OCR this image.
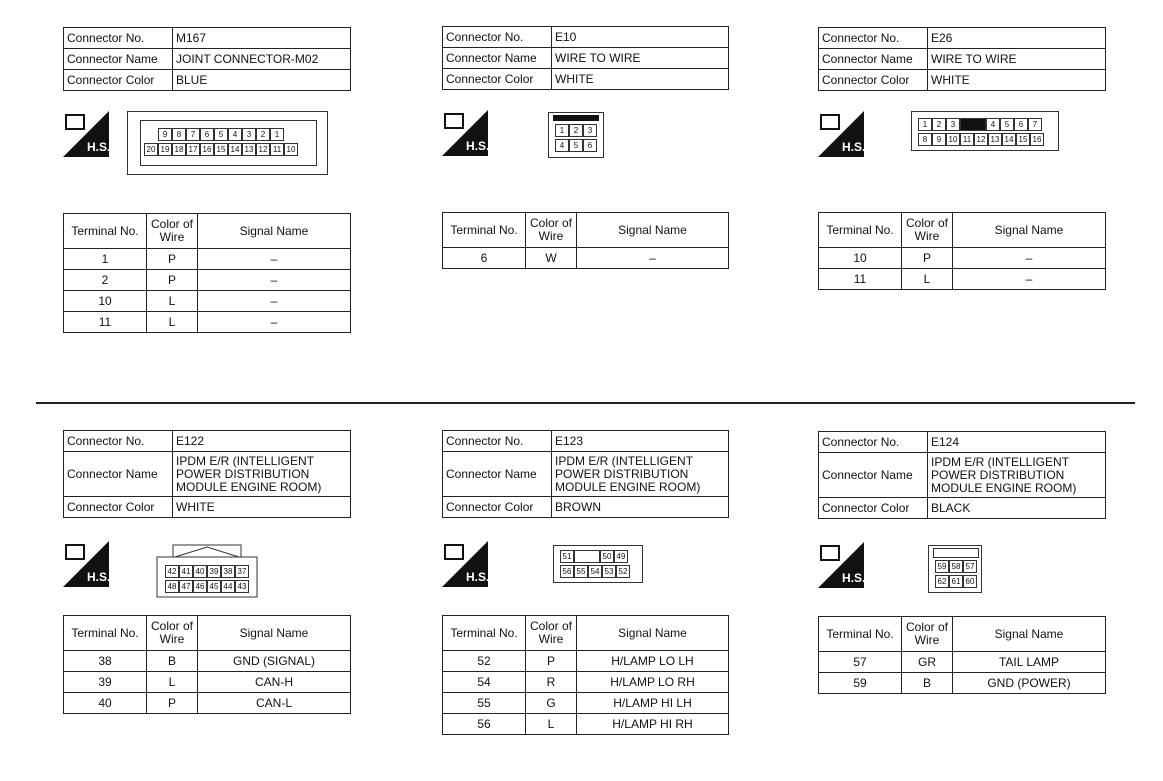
Connector No.	M167
Connector Name	JOINT CONNECTOR-M02
Connector Color	BLUE
H.S.
9	8	7	6	5	4	3	2	1
20 19 18 17 16 15 14 13 12 11 10
Terminal No.	Color of Wire	Signal Name
1	P	–
2	P	–
10	L	–
11	L	–
Connector No.	E10
Connector Name	WIRE TO WIRE
Connector Color	WHITE
H.S.
1	2	3
4	5	6
Terminal No.	Color of Wire	Signal Name
6	W	–
Connector No.	E26
Connector Name	WIRE TO WIRE
Connector Color	WHITE
H.S.
1	2	3	4	5	6	7
8	9 10 11 12 13 14 15 16
Terminal No.	Color of Wire	Signal Name
10	P	–
11	L	–
Connector No.	E122
Connector Name	IPDM E/R (INTELLIGENT POWER DISTRIBUTION MODULE ENGINE ROOM)
Connector Color	WHITE
H.S.	42 41 40 39 38 37
48 47 46 45 44 43
Terminal No.	Color of Wire	Signal Name
38	B	GND (SIGNAL)
39	L	CAN-H
40	P	CAN-L
Connector No.	E123
Connector Name	IPDM E/R (INTELLIGENT POWER DISTRIBUTION MODULE ENGINE ROOM)
Connector Color	BROWN
H.S.
51	50 49
56 55 54 53 52
Terminal No.	Color of Wire	Signal Name
52	P	H/LAMP LO LH
54	R	H/LAMP LO RH
55	G	H/LAMP HI LH
56	L	H/LAMP HI RH
Connector No.	E124
Connector Name	IPDM E/R (INTELLIGENT POWER DISTRIBUTION MODULE ENGINE ROOM)
Connector Color	BLACK
H.S.
59 58 57
62 61 60
Terminal No.	Color of Wire	Signal Name
57	GR	TAIL LAMP
59	B	GND (POWER)
